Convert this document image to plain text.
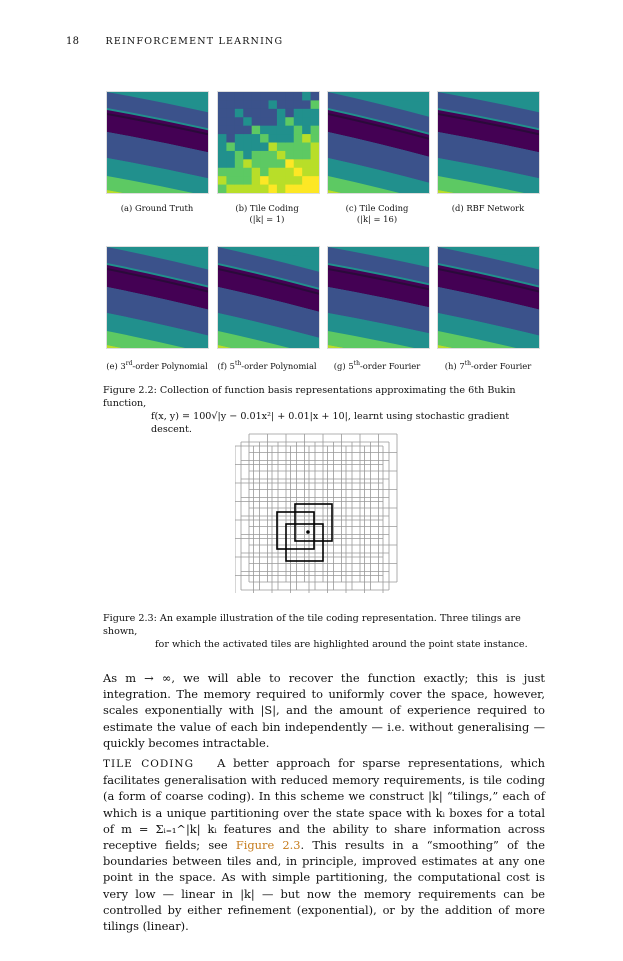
18	REINFORCEMENT LEARNING
(a) Ground Truth	(b) Tile Coding
(|k| = 1)
(c) Tile Coding
(|k| = 16)
(d) RBF Network
(e) 3rd-order Polynomial	(f) 5th-order Polynomial	(g) 5th-order Fourier	(h) 7th-order Fourier
Figure 2.2: Collection of function basis representations approximating the 6th Bukin function,
f(x, y) = 100√|y − 0.01x²| + 0.01|x + 10|, learnt using stochastic gradient descent.
Figure 2.3: An example illustration of the tile coding representation. Three tilings are shown,
for which the activated tiles are highlighted around the point state instance.
As m → ∞, we will able to recover the function exactly; this is just integration. The memory required to uniformly cover the space, however, scales exponentially with |S|, and the amount of experience required to estimate the value of each bin independently — i.e. without generalising — quickly becomes intractable.
TILE CODING A better approach for sparse representations, which facilitates generalisation with reduced memory requirements, is tile coding (a form of coarse coding). In this scheme we construct |k| “tilings,” each of which is a unique partitioning over the state space with kᵢ boxes for a total of m = Σᵢ₌₁^|k| kᵢ features and the ability to share information across receptive fields; see Figure 2.3. This results in a “smoothing” of the boundaries between tiles and, in principle, improved estimates at any one point in the space. As with simple partitioning, the computational cost is very low — linear in |k| — but now the memory requirements can be controlled by either refinement (exponential), or by the addition of more tilings (linear).
